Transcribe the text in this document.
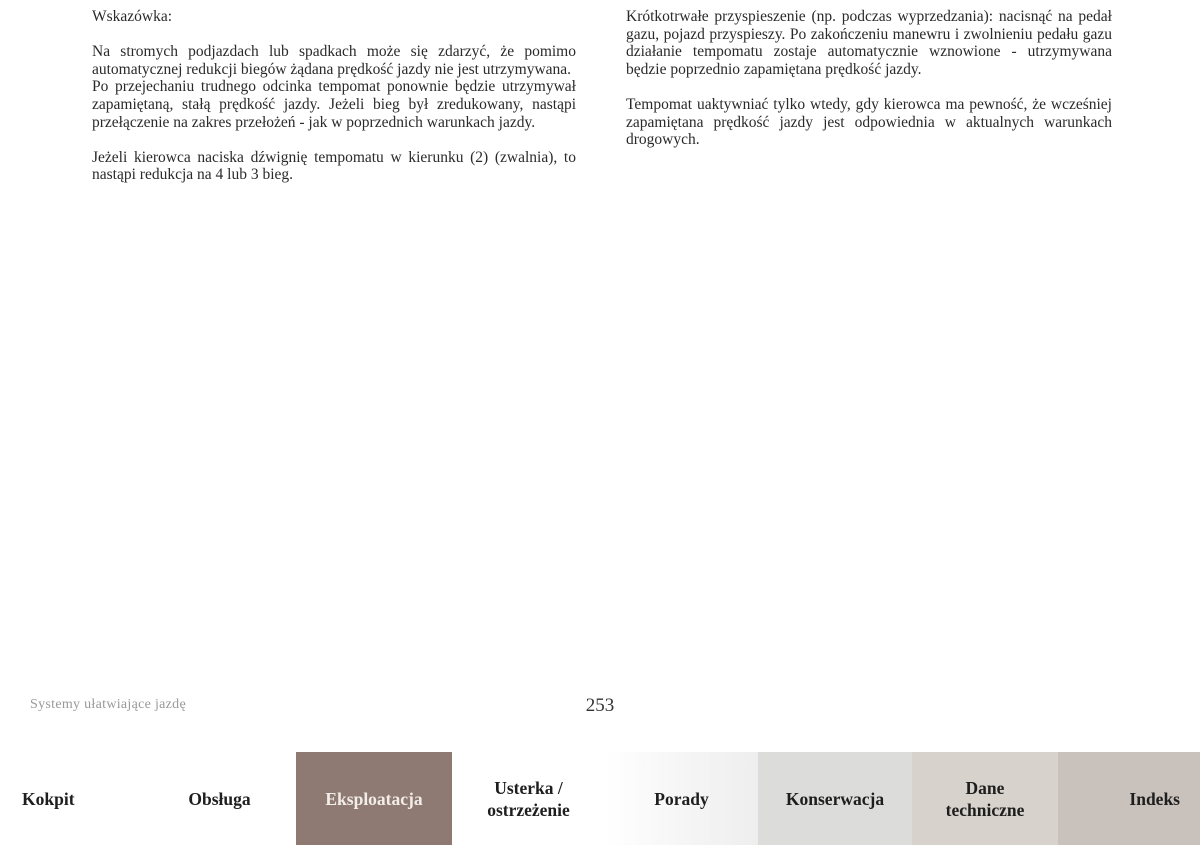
Wskazówka:

Na stromych podjazdach lub spadkach może się zdarzyć, że pomimo automatycznej redukcji biegów żądana prędkość jazdy nie jest utrzymywana.

Po przejechaniu trudnego odcinka tempomat ponownie będzie utrzymywał zapamiętaną, stałą prędkość jazdy. Jeżeli bieg był zredukowany, nastąpi przełączenie na zakres przełożeń - jak w poprzednich warunkach jazdy.

Jeżeli kierowca naciska dźwignię tempomatu w kierunku (2) (zwalnia), to nastąpi redukcja na 4 lub 3 bieg.

Krótkotrwałe przyspieszenie (np. podczas wyprzedzania): nacisnąć na pedał gazu, pojazd przyspieszy. Po zakończeniu manewru i zwolnieniu pedału gazu działanie tempomatu zostaje automatycznie wznowione - utrzymywana będzie poprzednio zapamiętana prędkość jazdy.

Tempomat uaktywniać tylko wtedy, gdy kierowca ma pewność, że wcześniej zapamiętana prędkość jazdy jest odpowiednia w aktualnych warunkach drogowych.

Systemy ułatwiające jazdę	253
Kokpit	Obsługa	Eksploatacja
Usterka /
ostrzeżenie
Porady	Konserwacja
Dane
techniczne
Indeks
